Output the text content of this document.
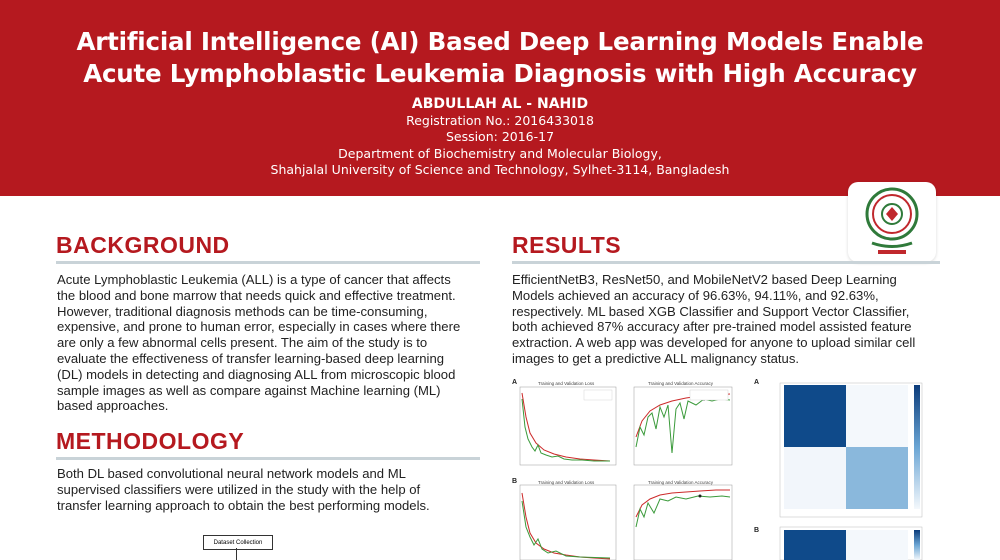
Artificial Intelligence (AI) Based Deep Learning Models Enable
Acute Lymphoblastic Leukemia Diagnosis with High Accuracy
ABDULLAH AL - NAHID
Registration No.: 2016433018
Session: 2016-17
Department of Biochemistry and Molecular Biology,
Shahjalal University of Science and Technology, Sylhet-3114, Bangladesh
BACKGROUND
Acute Lymphoblastic Leukemia (ALL) is a type of cancer that affects
the blood and bone marrow that needs quick and effective treatment.
However, traditional diagnosis methods can be time-consuming,
expensive, and prone to human error, especially in cases where there
are only a few abnormal cells present. The aim of the study is to
evaluate the effectiveness of transfer learning-based deep learning
(DL) models in detecting and diagnosing ALL from microscopic blood
sample images as well as compare against Machine learning (ML)
based approaches.
METHODOLOGY
Both DL based convolutional neural network models and ML
supervised classifiers were utilized in the study with the help of
transfer learning approach to obtain the best performing models.
Dataset Collection
RESULTS
EfficientNetB3, ResNet50, and MobileNetV2 based Deep Learning
Models achieved an accuracy of 96.63%, 94.11%, and 92.63%,
respectively. ML based XGB Classifier and Support Vector Classifier,
both achieved 87% accuracy after pre-trained model assisted feature
extraction. A web app was developed for anyone to upload similar cell
images to get a predictive ALL malignancy status.
A
B
Training and Validation Loss	Training and Validation Accuracy
Training and Validation Loss	Training and Validation Accuracy
A
B
